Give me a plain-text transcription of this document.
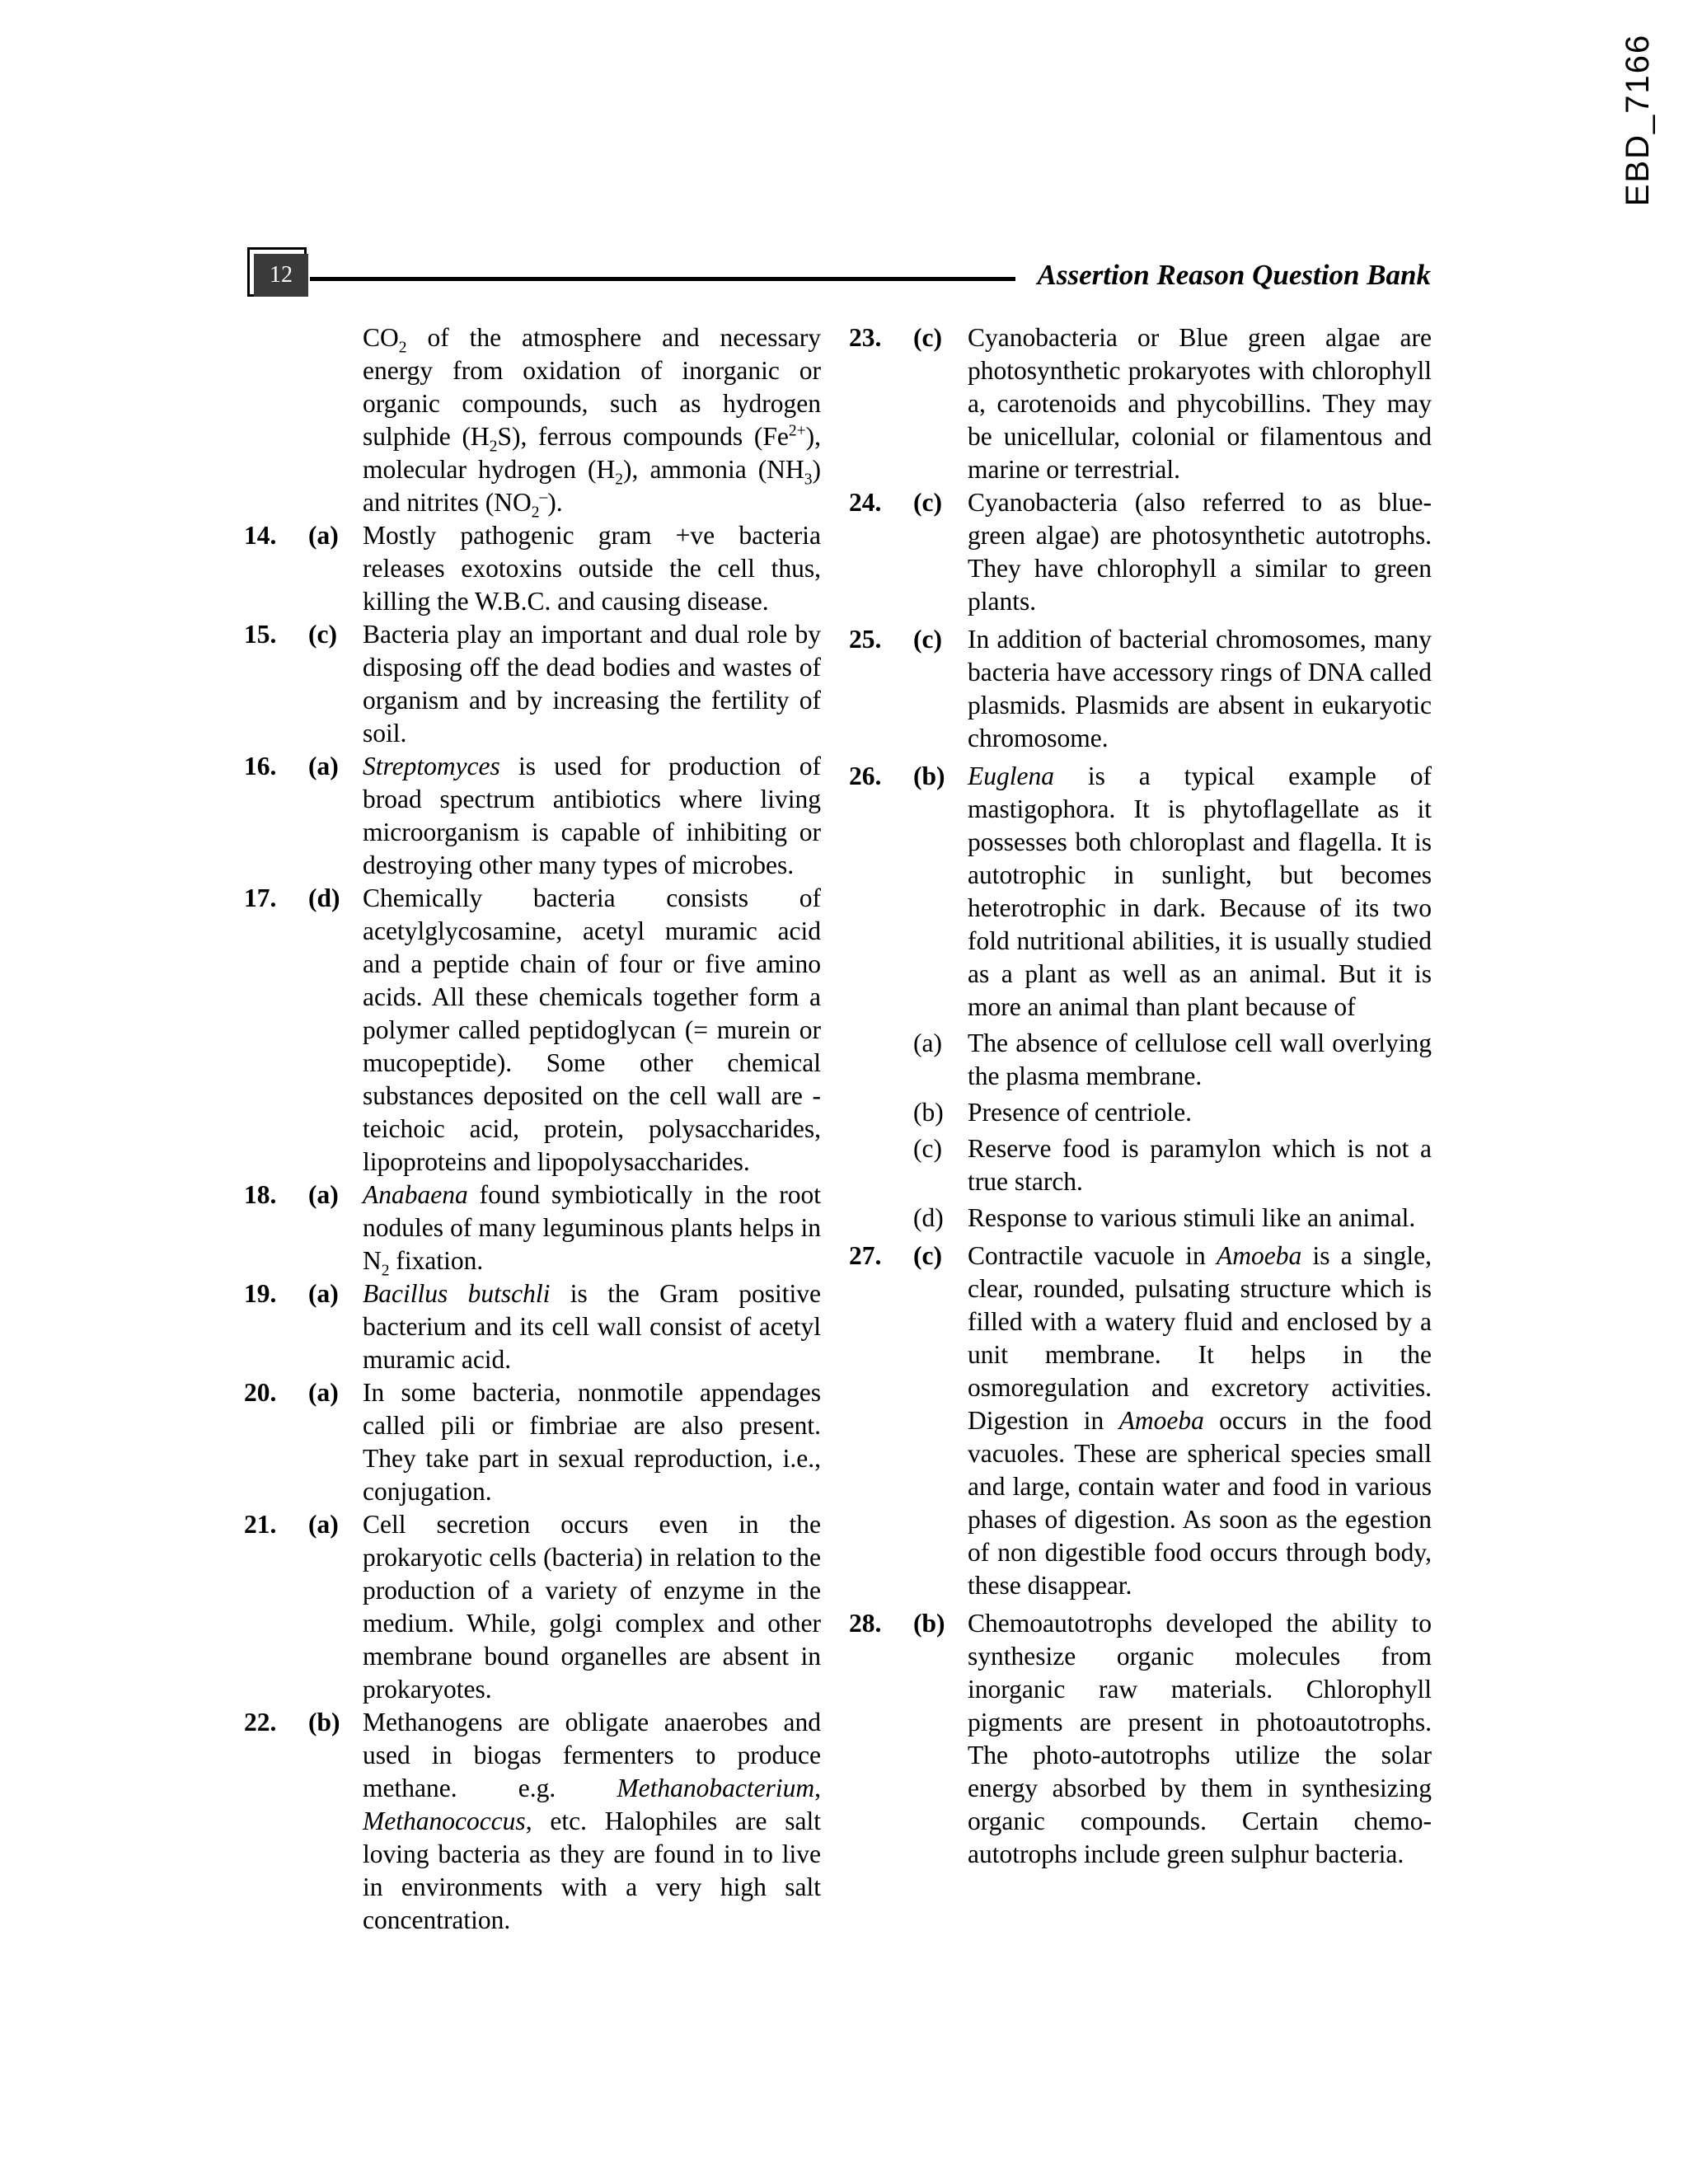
EBD_7166
12	Assertion Reason Question Bank
$CO_2$ of the atmosphere and necessary energy from oxidation of inorganic or organic compounds, such as hydrogen sulphide $(H_2S)$, ferrous compounds $(Fe^{2+})$, molecular hydrogen $(H_2)$, ammonia $(NH_3)$ and nitrites $(NO_2^-)$.
14.	(a) Mostly pathogenic gram +ve bacteria releases exotoxins outside the cell thus, killing the W.B.C. and causing disease.
15.	(c) Bacteria play an important and dual role by disposing off the dead bodies and wastes of organism and by increasing the fertility of soil.
16.	(a) Streptomyces is used for production of broad spectrum antibiotics where living microorganism is capable of inhibiting or destroying other many types of microbes.
17.	(d) Chemically bacteria consists of acetylglycosamine, acetyl muramic acid and a peptide chain of four or five amino acids. All these chemicals together form a polymer called peptidoglycan (= murein or mucopeptide). Some other chemical substances deposited on the cell wall are - teichoic acid, protein, polysaccharides, lipoproteins and lipopolysaccharides.
18.	(a) Anabaena found symbiotically in the root nodules of many leguminous plants helps in $N_2$ fixation.
19.	(a) Bacillus butschli is the Gram positive bacterium and its cell wall consist of acetyl muramic acid.
20.	(a) In some bacteria, nonmotile appendages called pili or fimbriae are also present. They take part in sexual reproduction, i.e., conjugation.
21.	(a) Cell secretion occurs even in the prokaryotic cells (bacteria) in relation to the production of a variety of enzyme in the medium. While, golgi complex and other membrane bound organelles are absent in prokaryotes.
22.	(b) Methanogens are obligate anaerobes and used in biogas fermenters to produce methane. e.g. Methanobacterium, Methanococcus, etc. Halophiles are salt loving bacteria as they are found in to live in environments with a very high salt concentration.
23.	(c) Cyanobacteria or Blue green algae are photosynthetic prokaryotes with chlorophyll a, carotenoids and phycobillins. They may be unicellular, colonial or filamentous and marine or terrestrial.
24.	(c) Cyanobacteria (also referred to as blue-green algae) are photosynthetic autotrophs. They have chlorophyll a similar to green plants.
25.	(c) In addition of bacterial chromosomes, many bacteria have accessory rings of DNA called plasmids. Plasmids are absent in eukaryotic chromosome.
26.	(b) Euglena is a typical example of mastigophora. It is phytoflagellate as it possesses both chloroplast and flagella. It is autotrophic in sunlight, but becomes heterotrophic in dark. Because of its two fold nutritional abilities, it is usually studied as a plant as well as an animal. But it is more an animal than plant because of
(a) The absence of cellulose cell wall overlying the plasma membrane.
(b) Presence of centriole.
(c) Reserve food is paramylon which is not a true starch.
(d) Response to various stimuli like an animal.
27.	(c) Contractile vacuole in Amoeba is a single, clear, rounded, pulsating structure which is filled with a watery fluid and enclosed by a unit membrane. It helps in the osmoregulation and excretory activities. Digestion in Amoeba occurs in the food vacuoles. These are spherical species small and large, contain water and food in various phases of digestion. As soon as the egestion of non digestible food occurs through body, these disappear.
28.	(b) Chemoautotrophs developed the ability to synthesize organic molecules from inorganic raw materials. Chlorophyll pigments are present in photoautotrophs. The photo-autotrophs utilize the solar energy absorbed by them in synthesizing organic compounds. Certain chemo-autotrophs include green sulphur bacteria.
